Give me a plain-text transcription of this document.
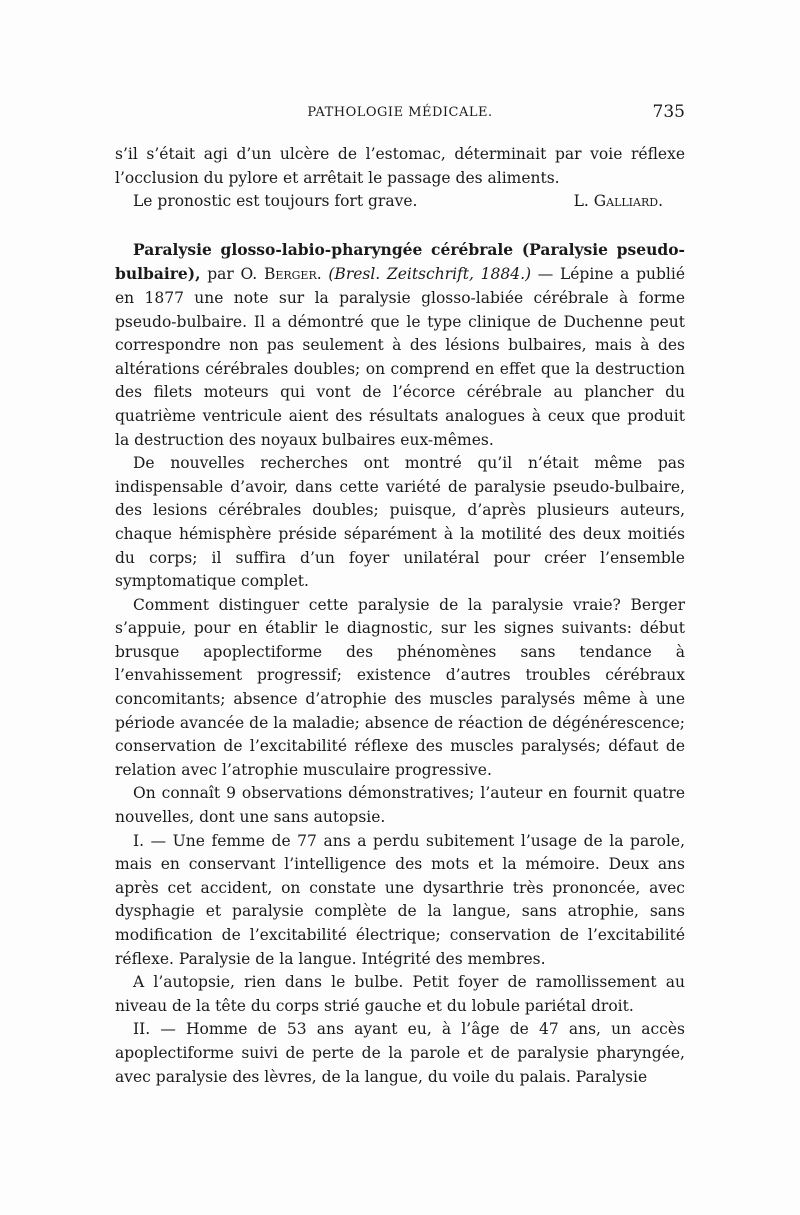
PATHOLOGIE MÉDICALE.	735

s’il s’était agi d’un ulcère de l’estomac, déterminait par voie réflexe l’occlusion du pylore et arrêtait le passage des aliments.

Le pronostic est toujours fort grave.	L. Galliard.

Paralysie glosso-labio-pharyngée cérébrale (Paralysie pseudo-bulbaire), par O. Berger. (Bresl. Zeitschrift, 1884.) — Lépine a publié en 1877 une note sur la paralysie glosso-labiée cérébrale à forme pseudo-bulbaire. Il a démontré que le type clinique de Duchenne peut correspondre non pas seulement à des lésions bulbaires, mais à des altérations cérébrales doubles; on comprend en effet que la destruction des filets moteurs qui vont de l’écorce cérébrale au plancher du quatrième ventricule aient des résultats analogues à ceux que produit la destruction des noyaux bulbaires eux-mêmes.

De nouvelles recherches ont montré qu’il n’était même pas indispensable d’avoir, dans cette variété de paralysie pseudo-bulbaire, des lesions cérébrales doubles; puisque, d’après plusieurs auteurs, chaque hémisphère préside séparément à la motilité des deux moitiés du corps; il suffira d’un foyer unilatéral pour créer l’ensemble symptomatique complet.

Comment distinguer cette paralysie de la paralysie vraie? Berger s’appuie, pour en établir le diagnostic, sur les signes suivants: début brusque apoplectiforme des phénomènes sans tendance à l’envahissement progressif; existence d’autres troubles cérébraux concomitants; absence d’atrophie des muscles paralysés même à une période avancée de la maladie; absence de réaction de dégénérescence; conservation de l’excitabilité réflexe des muscles paralysés; défaut de relation avec l’atrophie musculaire progressive.

On connaît 9 observations démonstratives; l’auteur en fournit quatre nouvelles, dont une sans autopsie.

I. — Une femme de 77 ans a perdu subitement l’usage de la parole, mais en conservant l’intelligence des mots et la mémoire. Deux ans après cet accident, on constate une dysarthrie très prononcée, avec dysphagie et paralysie complète de la langue, sans atrophie, sans modification de l’excitabilité électrique; conservation de l’excitabilité réflexe. Paralysie de la langue. Intégrité des membres.

A l’autopsie, rien dans le bulbe. Petit foyer de ramollissement au niveau de la tête du corps strié gauche et du lobule pariétal droit.

II. — Homme de 53 ans ayant eu, à l’âge de 47 ans, un accès apoplectiforme suivi de perte de la parole et de paralysie pharyngée, avec paralysie des lèvres, de la langue, du voile du palais. Paralysie
